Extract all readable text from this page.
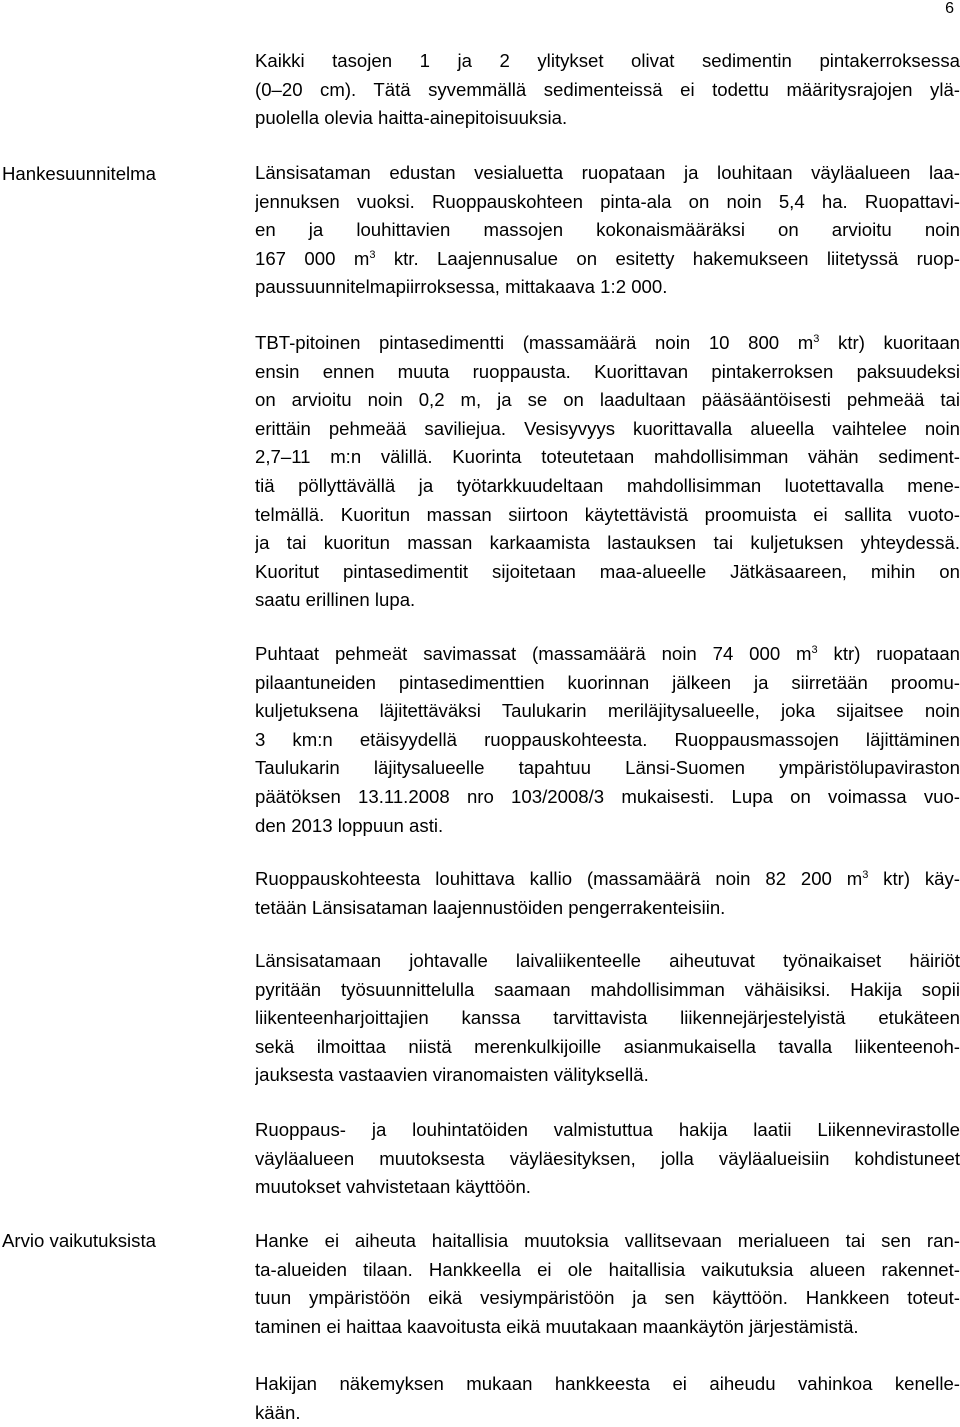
6
Hankesuunnitelma
Arvio vaikutuksista
Kaikki tasojen 1 ja 2 ylitykset olivat sedimentin pintakerroksessa
(0–20 cm). Tätä syvemmällä sedimenteissä ei todettu määritysrajojen ylä-
puolella olevia haitta-ainepitoisuuksia.
Länsisataman edustan vesialuetta ruopataan ja louhitaan väyläalueen laa-
jennuksen vuoksi. Ruoppauskohteen pinta-ala on noin 5,4 ha. Ruopattavi-
en ja louhittavien massojen kokonaismääräksi on arvioitu noin
167 000 $m^3$ ktr. Laajennusalue on esitetty hakemukseen liitetyssä ruop-
paussuunnitelmapiirroksessa, mittakaava 1:2 000.
TBT-pitoinen pintasedimentti (massamäärä noin 10 800 $m^3$ ktr) kuoritaan
ensin ennen muuta ruoppausta. Kuorittavan pintakerroksen paksuudeksi
on arvioitu noin 0,2 m, ja se on laadultaan pääsääntöisesti pehmeää tai
erittäin pehmeää saviliejua. Vesisyvyys kuorittavalla alueella vaihtelee noin
2,7–11 m:n välillä. Kuorinta toteutetaan mahdollisimman vähän sediment-
tiä pöllyttävällä ja työtarkkuudeltaan mahdollisimman luotettavalla mene-
telmällä. Kuoritun massan siirtoon käytettävistä proomuista ei sallita vuoto-
ja tai kuoritun massan karkaamista lastauksen tai kuljetuksen yhteydessä.
Kuoritut pintasedimentit sijoitetaan maa-alueelle Jätkäsaareen, mihin on
saatu erillinen lupa.
Puhtaat pehmeät savimassat (massamäärä noin 74 000 $m^3$ ktr) ruopataan
pilaantuneiden pintasedimenttien kuorinnan jälkeen ja siirretään proomu-
kuljetuksena läjitettäväksi Taulukarin meriläjitysalueelle, joka sijaitsee noin
3 km:n etäisyydellä ruoppauskohteesta. Ruoppausmassojen läjittäminen
Taulukarin läjitysalueelle tapahtuu Länsi-Suomen ympäristölupaviraston
päätöksen 13.11.2008 nro 103/2008/3 mukaisesti. Lupa on voimassa vuo-
den 2013 loppuun asti.
Ruoppauskohteesta louhittava kallio (massamäärä noin 82 200 $m^3$ ktr) käy-
tetään Länsisataman laajennustöiden pengerrakenteisiin.
Länsisatamaan johtavalle laivaliikenteelle aiheutuvat työnaikaiset häiriöt
pyritään työsuunnittelulla saamaan mahdollisimman vähäisiksi. Hakija sopii
liikenteenharjoittajien kanssa tarvittavista liikennejärjestelyistä etukäteen
sekä ilmoittaa niistä merenkulkijoille asianmukaisella tavalla liikenteenoh-
jauksesta vastaavien viranomaisten välityksellä.
Ruoppaus- ja louhintatöiden valmistuttua hakija laatii Liikennevirastolle
väyläalueen muutoksesta väyläesityksen, jolla väyläalueisiin kohdistuneet
muutokset vahvistetaan käyttöön.
Hanke ei aiheuta haitallisia muutoksia vallitsevaan merialueen tai sen ran-
ta-alueiden tilaan. Hankkeella ei ole haitallisia vaikutuksia alueen rakennet-
tuun ympäristöön eikä vesiympäristöön ja sen käyttöön. Hankkeen toteut-
taminen ei haittaa kaavoitusta eikä muutakaan maankäytön järjestämistä.
Hakijan näkemyksen mukaan hankkeesta ei aiheudu vahinkoa kenelle-
kään.
